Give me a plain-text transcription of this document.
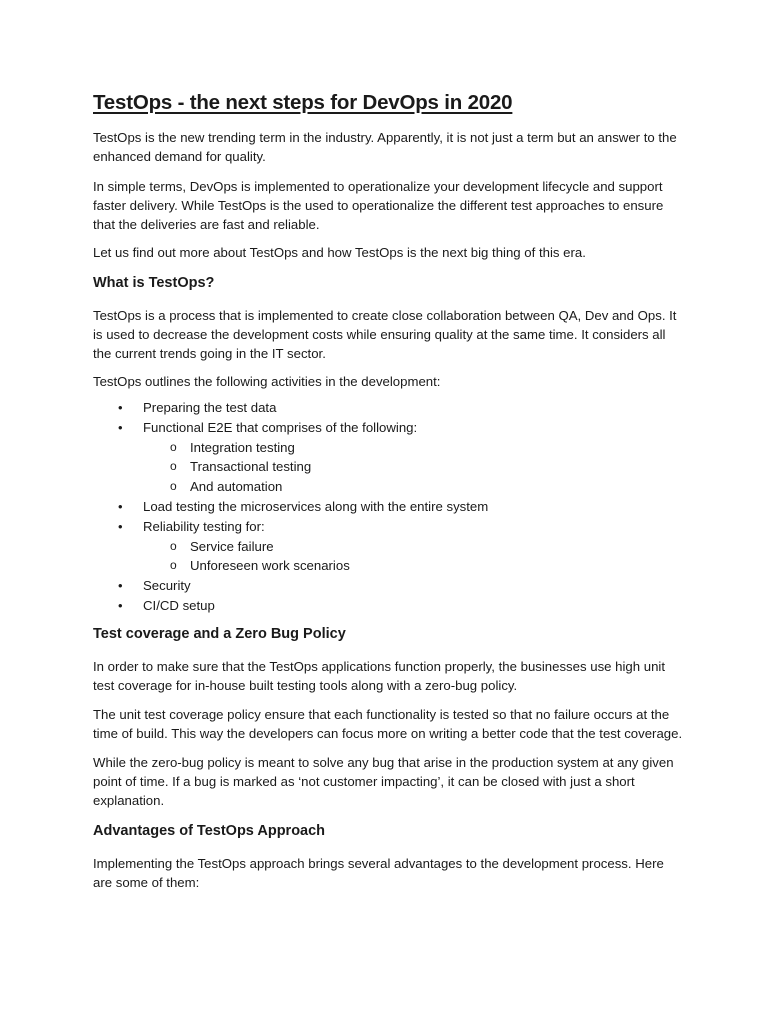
TestOps - the next steps for DevOps in 2020

TestOps is the new trending term in the industry. Apparently, it is not just a term but an answer to the enhanced demand for quality.

In simple terms, DevOps is implemented to operationalize your development lifecycle and support faster delivery. While TestOps is the used to operationalize the different test approaches to ensure that the deliveries are fast and reliable.

Let us find out more about TestOps and how TestOps is the next big thing of this era.

What is TestOps?

TestOps is a process that is implemented to create close collaboration between QA, Dev and Ops. It is used to decrease the development costs while ensuring quality at the same time. It considers all the current trends going in the IT sector.

TestOps outlines the following activities in the development:

• Preparing the test data
• Functional E2E that comprises of the following:
o Integration testing
o Transactional testing
o And automation
• Load testing the microservices along with the entire system
• Reliability testing for:
o Service failure
o Unforeseen work scenarios
• Security
• CI/CD setup
Test coverage and a Zero Bug Policy

In order to make sure that the TestOps applications function properly, the businesses use high unit test coverage for in-house built testing tools along with a zero-bug policy.

The unit test coverage policy ensure that each functionality is tested so that no failure occurs at the time of build. This way the developers can focus more on writing a better code that the test coverage.

While the zero-bug policy is meant to solve any bug that arise in the production system at any given point of time. If a bug is marked as ‘not customer impacting’, it can be closed with just a short explanation.

Advantages of TestOps Approach

Implementing the TestOps approach brings several advantages to the development process. Here are some of them:
